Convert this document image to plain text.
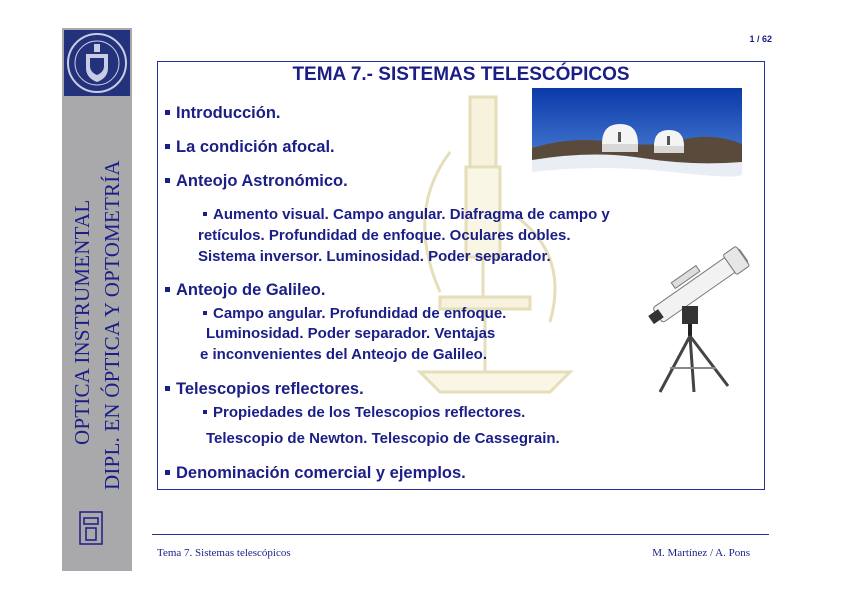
OPTICA INSTRUMENTAL DIPL. EN ÓPTICA Y OPTOMETRÍA
1 / 62
TEMA 7.- SISTEMAS TELESCÓPICOS
Introducción.
La condición afocal.
Anteojo Astronómico.
Aumento visual. Campo angular. Diafragma de campo y
retículos. Profundidad de enfoque. Oculares dobles.
Sistema inversor. Luminosidad. Poder separador.
Anteojo de Galileo.
Campo angular. Profundidad de enfoque.
Luminosidad. Poder separador. Ventajas
e inconvenientes del Anteojo de Galileo.
Telescopios reflectores.
Propiedades de los Telescopios reflectores.
Telescopio de Newton. Telescopio de Cassegrain.
Denominación comercial y ejemplos.
Tema 7. Sistemas telescópicos	M. Martínez / A. Pons
